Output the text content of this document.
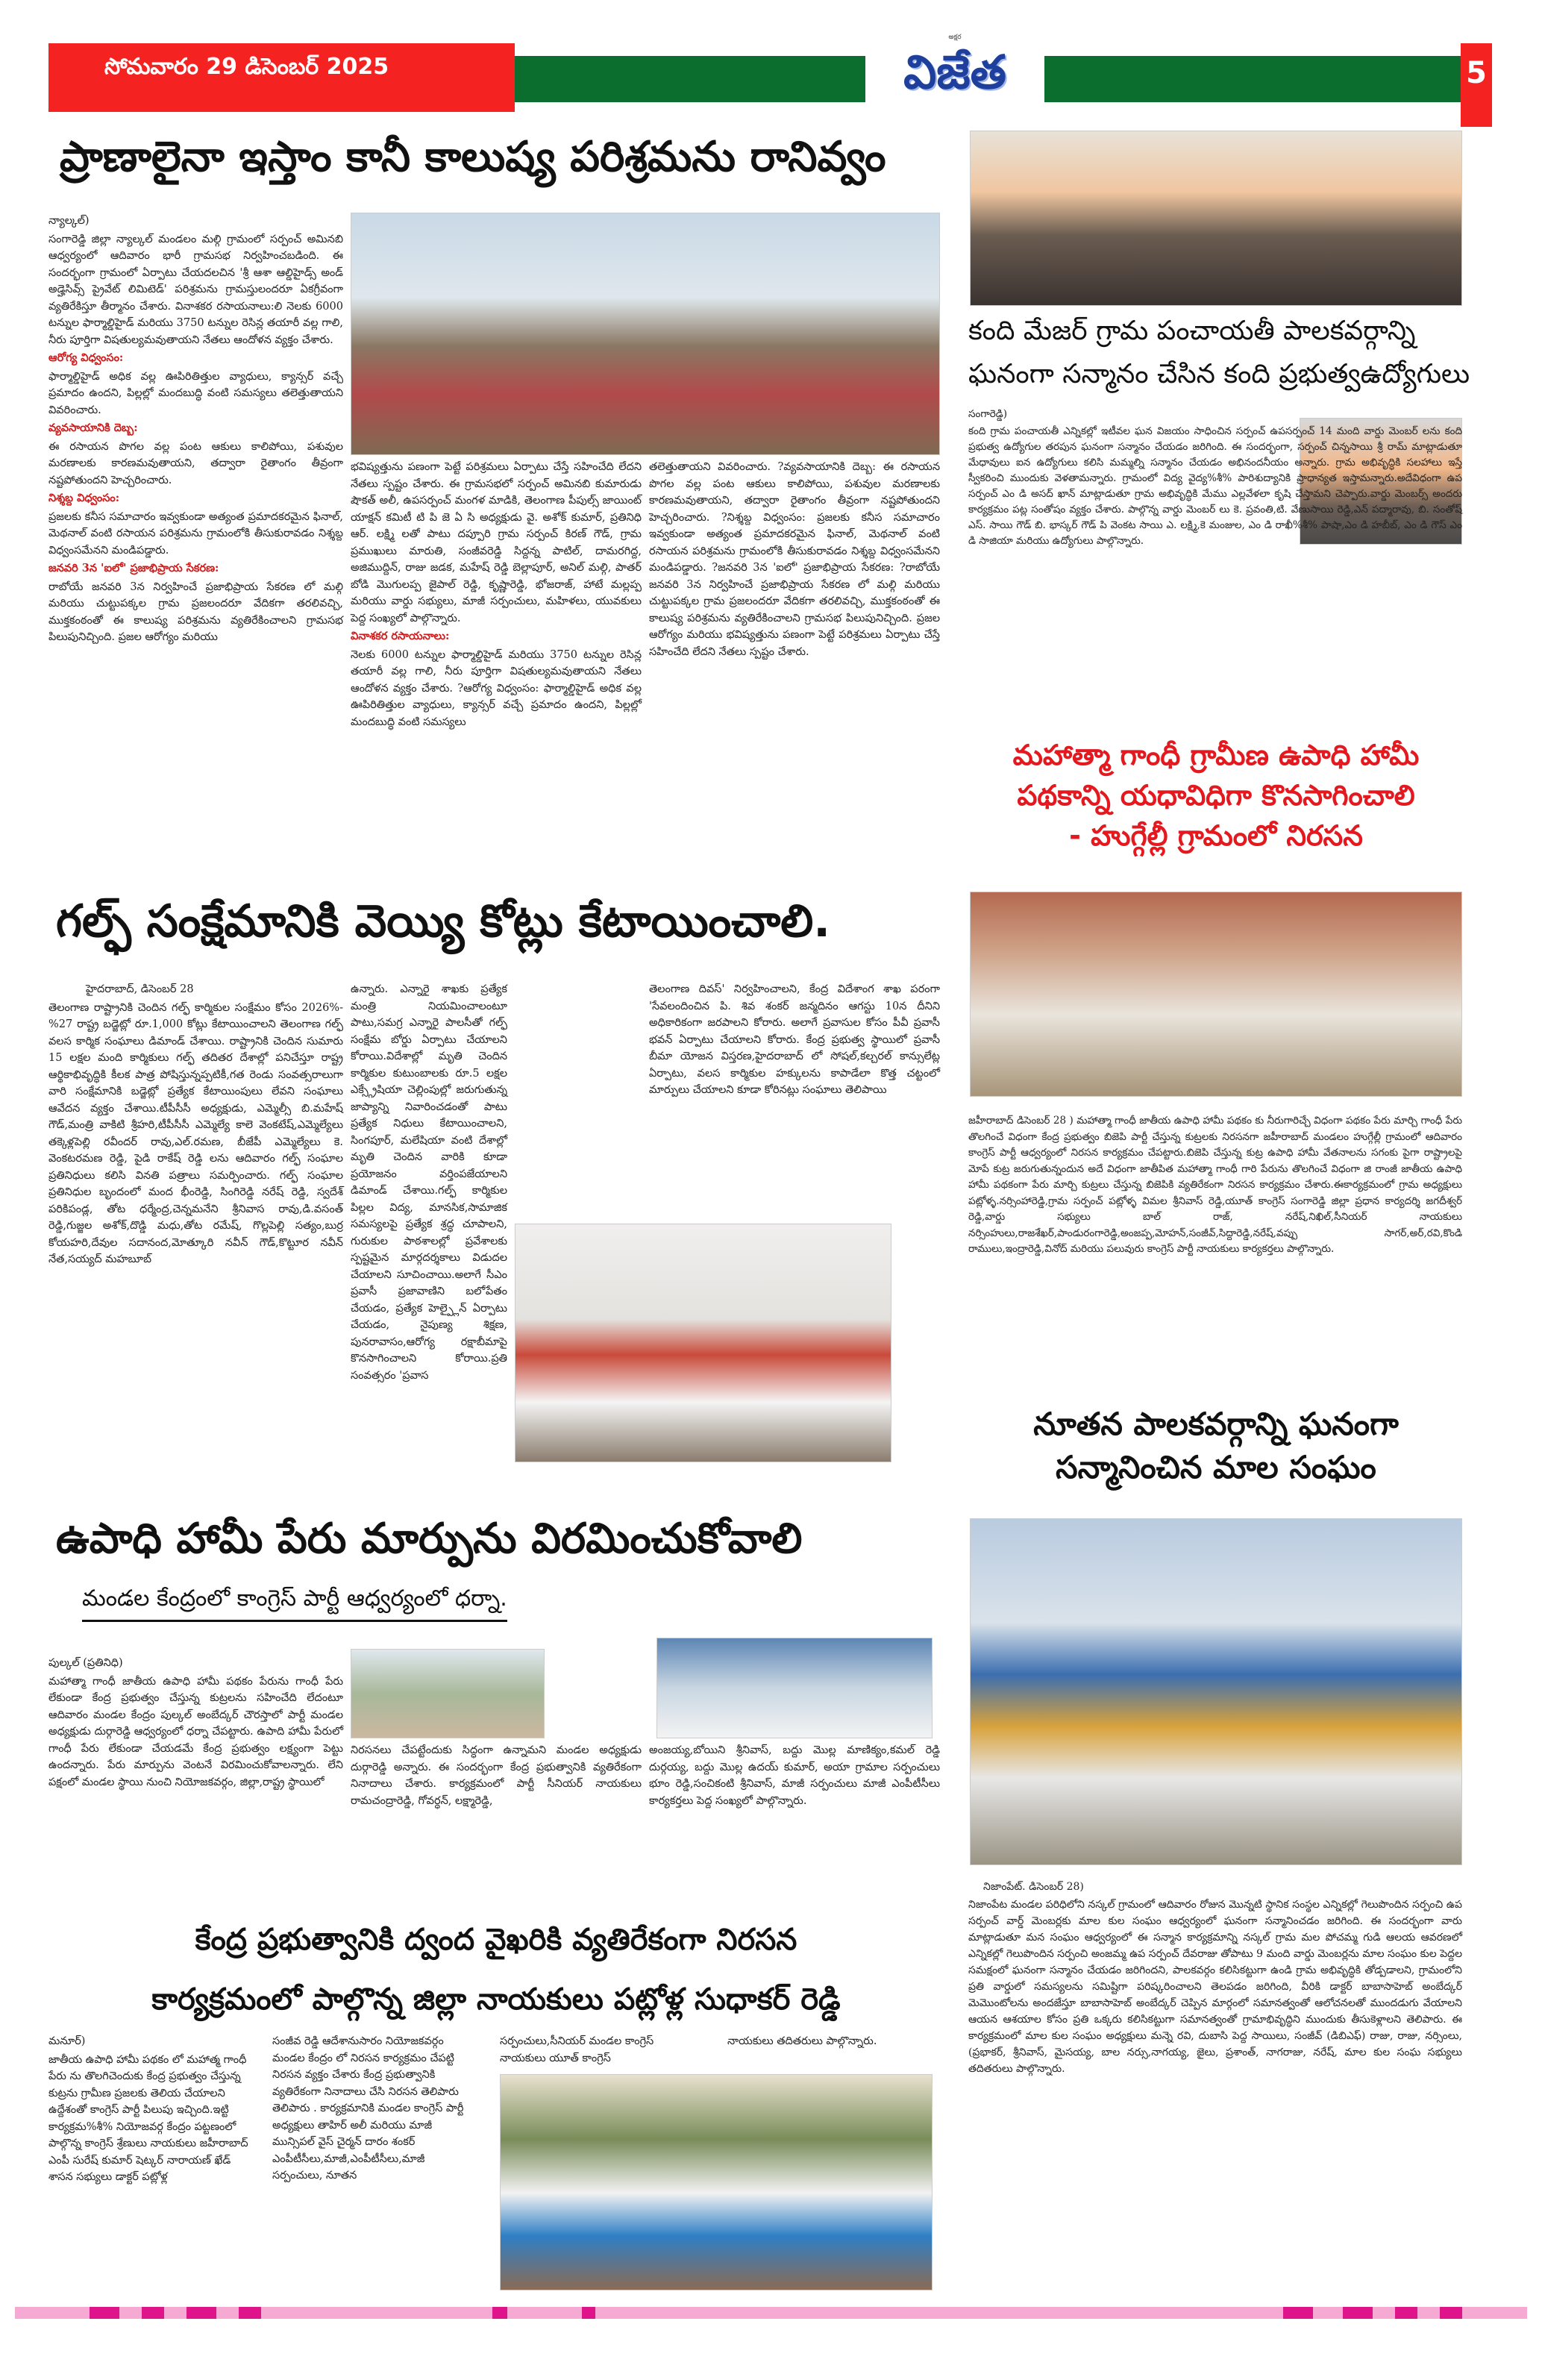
సోమవారం 29 డిసెంబర్ 2025
అక్షర
విజేత	5
ప్రాణాలైనా ఇస్తాం కానీ కాలుష్య పరిశ్రమను రానివ్వం

న్యాల్కల్)

సంగారెడ్డి జిల్లా న్యాల్కల్ మండలం మల్గి గ్రామంలో సర్పంచ్ అమినబి ఆధ్వర్యంలో ఆదివారం భారీ గ్రామసభ నిర్వహించబడింది. ఈ సందర్భంగా గ్రామంలో ఏర్పాటు చేయదలచిన 'శ్రీ ఆశా ఆల్డిహైడ్స్ అండ్ అడ్హెసివ్స్ ప్రైవేట్ లిమిటెడ్' పరిశ్రమను గ్రామస్తులందరూ ఏకగ్రీవంగా వ్యతిరేకిస్తూ తీర్మానం చేశారు. వినాశకర రసాయనాలు:లి నెలకు 6000 టన్నుల ఫార్మాల్డిహైడ్ మరియు 3750 టన్నుల రెసిన్ల తయారీ వల్ల గాలి, నీరు పూర్తిగా విషతుల్యమవుతాయని నేతలు ఆందోళన వ్యక్తం చేశారు.

ఆరోగ్య విధ్వంసం:

ఫార్మాల్డిహైడ్ అధిక వల్ల ఊపిరితిత్తుల వ్యాధులు, క్యాన్సర్ వచ్చే ప్రమాదం ఉందని, పిల్లల్లో మందబుద్ధి వంటి సమస్యలు తలెత్తుతాయని వివరించారు.

వ్యవసాయానికి దెబ్బ:

ఈ రసాయన పొగల వల్ల పంట ఆకులు కాలిపోయి, పశువుల మరణాలకు కారణమవుతాయని, తద్వారా రైతాంగం తీవ్రంగా నష్టపోతుందని హెచ్చరించారు.

నిశ్శబ్ద విధ్వంసం:

ప్రజలకు కనీస సమాచారం ఇవ్వకుండా అత్యంత ప్రమాదకరమైన ఫినాల్, మెథనాల్ వంటి రసాయన పరిశ్రమను గ్రామంలోకి తీసుకురావడం నిశ్శబ్ద విధ్వంసమేనని మండిపడ్డారు.

జనవరి 3న 'ఐలో' ప్రజాభిప్రాయ సేకరణ:

రాబోయే జనవరి 3న నిర్వహించే ప్రజాభిప్రాయ సేకరణ లో మల్గి మరియు చుట్టుపక్కల గ్రామ ప్రజలందరూ వేదికగా తరలివచ్చి, ముక్తకంఠంతో ఈ కాలుష్య పరిశ్రమను వ్యతిరేకించాలని గ్రామసభ పిలుపునిచ్చింది. ప్రజల ఆరోగ్యం మరియు

భవిష్యత్తును పణంగా పెట్టే పరిశ్రమలు ఏర్పాటు చేస్తే సహించేది లేదని నేతలు స్పష్టం చేశారు. ఈ గ్రామసభలో సర్పంచ్ అమినబి కుమారుడు షౌకత్ అలీ, ఉపసర్పంచ్ మంగళ మాడికి, తెలంగాణ పీపుల్స్ జాయింట్ యాక్షన్ కమిటీ టి పి జె ఏ సి అధ్యక్షుడు వై. అశోక్ కుమార్, ప్రతినిధి ఆర్. లక్ష్మి లతో పాటు దప్పూరి గ్రామ సర్పంచ్ కిరణ్ గౌడ్, గ్రామ ప్రముఖులు మారుతి, సంజీవరెడ్డి సిద్దన్న పాటిల్, దామరగిద్ద, అజిముద్దిన్, రాజు జడక, మహేష్ రెడ్డి బెల్లాపూర్, అనిల్ మల్గి, పాతర్ బోడి మొగులప్ప జైపాల్ రెడ్డి, కృష్ణారెడ్డి, భోజరాజ్, హాటే మల్లప్ప మరియు వార్డు సభ్యులు, మాజీ సర్పంచులు, మహిళలు, యువకులు పెద్ద సంఖ్యలో పాల్గొన్నారు.

వినాశకర రసాయనాలు:

నెలకు 6000 టన్నుల ఫార్మాల్డిహైడ్ మరియు 3750 టన్నుల రెసిన్ల తయారీ వల్ల గాలి, నీరు పూర్తిగా విషతుల్యమవుతాయని నేతలు ఆందోళన వ్యక్తం చేశారు. ?ఆరోగ్య విధ్వంసం: ఫార్మాల్డిహైడ్ అధిక వల్ల ఊపిరితిత్తుల వ్యాధులు, క్యాన్సర్ వచ్చే ప్రమాదం ఉందని, పిల్లల్లో మందబుద్ధి వంటి సమస్యలు

తలెత్తుతాయని వివరించారు. ?వ్యవసాయానికి దెబ్బ: ఈ రసాయన పొగల వల్ల పంట ఆకులు కాలిపోయి, పశువుల మరణాలకు కారణమవుతాయని, తద్వారా రైతాంగం తీవ్రంగా నష్టపోతుందని హెచ్చరించారు. ?నిశ్శబ్ద విధ్వంసం: ప్రజలకు కనీస సమాచారం ఇవ్వకుండా అత్యంత ప్రమాదకరమైన ఫినాల్, మెథనాల్ వంటి రసాయన పరిశ్రమను గ్రామంలోకి తీసుకురావడం నిశ్శబ్ద విధ్వంసమేనని మండిపడ్డారు. ?జనవరి 3న 'ఐలో' ప్రజాభిప్రాయ సేకరణ: ?రాబోయే జనవరి 3న నిర్వహించే ప్రజాభిప్రాయ సేకరణ లో మల్గి మరియు చుట్టుపక్కల గ్రామ ప్రజలందరూ వేదికగా తరలివచ్చి, ముక్తకంఠంతో ఈ కాలుష్య పరిశ్రమను వ్యతిరేకించాలని గ్రామసభ పిలుపునిచ్చింది. ప్రజల ఆరోగ్యం మరియు భవిష్యత్తును పణంగా పెట్టే పరిశ్రమలు ఏర్పాటు చేస్తే సహించేది లేదని నేతలు స్పష్టం చేశారు.

కంది మేజర్ గ్రామ పంచాయతీ పాలకవర్గాన్ని
ఘనంగా సన్మానం చేసిన కంది ప్రభుత్వఉద్యోగులు

సంగారెడ్డి)

కంది గ్రామ పంచాయతీ ఎన్నికల్లో ఇటీవల ఘన విజయం సాధించిన సర్పంచ్ ఉపసర్పంచ్ 14 మంది వార్డు మెంబర్ లను కంది ప్రభుత్వ ఉద్యోగుల తరపున ఘనంగా సన్మానం చేయడం జరిగింది. ఈ సందర్భంగా, సర్పంచ్ చిన్నసాయి శ్రీ రామ్ మాట్లాడుతూ మేధావులు ఐన ఉద్యోగులు కలిసి మమ్మల్ని సన్మానం చేయడం అభినందనీయం అన్నారు. గ్రామ అభివృద్ధికి సలహాలు ఇస్తే స్వీకరించి ముందుకు వెళతామన్నారు. గ్రామంలో విద్య వైద్య%శీ% పారిశుద్యానికి ప్రాధాన్యత ఇస్తామన్నారు.అదేవిధంగా ఉప సర్పంచ్ ఎం డి అసద్ ఖాన్ మాట్లాడుతూ గ్రామ అభివృద్ధికి మేము ఎల్లవేళలా కృషి చేస్తామని చెప్పారు.వార్డు మెంబర్స్ అందరు కార్యక్రమం పట్ల సంతోషం వ్యక్తం చేశారు. పాల్గొన్న వార్డు మెంబర్ లు కె. ప్రవంతి,టి. వేణుసాయి రెడ్డి,ఎన్ పద్మారావు, బి. సంతోష్ ఎస్. సాయి గౌడ్ బి. భాస్కర్ గౌడ్ పి వెంకట సాయి ఎ. లక్ష్మి,కె మంజుల, ఎం డి రాఖీ%శీ% పాషా,ఎం డి హబీబ్, ఎం డి గౌస్ ఎం డి సాజియా మరియు ఉద్యోగులు పాల్గొన్నారు.

మహాత్మా గాంధీ గ్రామీణ ఉపాధి హామీ
పథకాన్ని యధావిధిగా కొనసాగించాలి
- హుగ్గేల్లీ గ్రామంలో నిరసన
గల్ఫ్ సంక్షేమానికి వెయ్యి కోట్లు కేటాయించాలి.

హైదరాబాద్, డిసెంబర్ 28

తెలంగాణ రాష్ట్రానికి చెందిన గల్ఫ్ కార్మికుల సంక్షేమం కోసం 2026%-%27 రాష్ట్ర బడ్జెట్లో రూ.1,000 కోట్లు కేటాయించాలని తెలంగాణ గల్ఫ్ వలస కార్మిక సంఘాలు డిమాండ్ చేశాయి. రాష్ట్రానికి చెందిన సుమారు 15 లక్షల మంది కార్మికులు గల్ఫ్ తదితర దేశాల్లో పనిచేస్తూ రాష్ట్ర ఆర్థికాభివృద్ధికి కీలక పాత్ర పోషిస్తున్నప్పటికీ,గత రెండు సంవత్సరాలుగా వారి సంక్షేమానికి బడ్జెట్లో ప్రత్యేక కేటాయింపులు లేవని సంఘాలు ఆవేదన వ్యక్తం చేశాయి.టీపీసీసీ అధ్యక్షుడు, ఎమ్మెల్సీ బి.మహేష్ గౌడ్,మంత్రి వాకిటి శ్రీహరి,టీపీసీసీ ఎమ్మెల్యే కాలె వెంకటేష్,ఎమ్మెల్యేలు తక్కెళ్లపెల్లి రవీందర్ రావు,ఎల్.రమణ, బీజేపీ ఎమ్మెల్యేలు కె. వెంకటరమణ రెడ్డి, పైడి రాకేష్ రెడ్డి లను ఆదివారం గల్ఫ్ సంఘాల ప్రతినిధులు కలిసి వినతి పత్రాలు సమర్పించారు. గల్ఫ్ సంఘాల ప్రతినిధుల బృందంలో మంద భీంరెడ్డి, సింగిరెడ్డి నరేష్ రెడ్డి, స్వదేశ్ పరికిపండ్ల, తోట ధర్మేంద్ర,చెన్నమనేని శ్రీనివాస రావు,డి.వసంత్ రెడ్డి,గుజ్జల అశోక్,దొడ్డి మధు,తోట రమేష్, గొల్లపెల్లి సత్యం,బుర్ర కోయహరి,దేవుల సదానంద,మోత్కూరి నవీన్ గౌడ్,కొట్టూర నవీన్ నేత,సయ్యద్ మహబూబ్

ఉన్నారు. ఎన్నారై శాఖకు ప్రత్యేక మంత్రి నియమించాలంటూ పాటు,సమగ్ర ఎన్నారై పాలసీతో గల్ఫ్ సంక్షేమ బోర్డు ఏర్పాటు చేయాలని కోరాయి.విదేశాల్లో మృతి చెందిన కార్మికుల కుటుంబాలకు రూ.5 లక్షల ఎక్స్గ్రేషియా చెల్లింపుల్లో జరుగుతున్న జాప్యాన్ని నివారించడంతో పాటు ప్రత్యేక నిధులు కేటాయించాలని, సింగపూర్, మలేషియా వంటి దేశాల్లో మృతి చెందిన వారికి కూడా ప్రయోజనం వర్తింపజేయాలని డిమాండ్ చేశాయి.గల్ఫ్ కార్మికుల పిల్లల విద్య, మానసిక,సామాజిక సమస్యలపై ప్రత్యేక శ్రద్ధ చూపాలని, గురుకుల పాఠశాలల్లో ప్రవేశాలకు స్పష్టమైన మార్గదర్శకాలు విడుదల చేయాలని సూచించాయి.అలాగే సీఎం ప్రవాసీ ప్రజావాణిని బలోపేతం చేయడం, ప్రత్యేక హెల్ప్లైన్ ఏర్పాటు చేయడం, నైపుణ్య శిక్షణ, పునరావాసం,ఆరోగ్య రక్షాబీమాపై కొనసాగించాలని కోరాయి.ప్రతి సంవత్సరం 'ప్రవాస

తెలంగాణ దివస్' నిర్వహించాలని, కేంద్ర విదేశాంగ శాఖ పరంగా 'సేవలందించిన పి. శివ శంకర్ జన్మదినం ఆగస్టు 10న దీనిని అధికారికంగా జరపాలని కోరారు. అలాగే ప్రవాసుల కోసం పీవీ ప్రవాసీ భవన్ ఏర్పాటు చేయాలని కోరారు. కేంద్ర ప్రభుత్వ స్థాయిలో ప్రవాసీ బీమా యోజన విస్తరణ,హైదరాబాద్ లో సోషల్,కల్చరల్ కాన్సులేట్ల ఏర్పాటు, వలస కార్మికుల హక్కులను కాపాడేలా కొత్త చట్టంలో మార్పులు చేయాలని కూడా కోరినట్లు సంఘాలు తెలిపాయి

జహీరాబాద్ డిసెంబర్ 28 ) మహాత్మా గాంధీ జాతీయ ఉపాధి హామీ పథకం కు నీరుగారిచ్చే విధంగా పథకం పేరు మార్చి గాంధీ పేరు తొలగించే విధంగా కేంద్ర ప్రభుత్వం బిజెపి పార్టీ చేస్తున్న కుట్రలకు నిరసనగా జహీరాబాద్ మండలం హుగ్గేల్లీ గ్రామంలో ఆదివారం కాంగ్రెస్ పార్టీ ఆధ్వర్యంలో నిరసన కార్యక్రమం చేపట్టారు.బిజెపి చేస్తున్న కుట్ర ఉపాధి హామీ వేతనాలను సగంకు పైగా రాష్ట్రాలపై మోపే కుట్ర జరుగుతున్నందున అదే విధంగా జాతీపిత మహాత్మా గాంధీ గారి పేరును తొలగించే విధంగా జి రాంజీ జాతీయ ఉపాధి హామీ పథకంగా పేరు మార్చి కుట్రలు చేస్తున్న బిజెపికి వ్యతిరేకంగా నిరసన కార్యక్రమం చేశారు.ఈకార్యక్రమంలో గ్రామ అధ్యక్షులు పట్లోళ్ళ.నర్సింహారెడ్డి,గ్రామ సర్పంచ్ పట్లోళ్ళ విమల శ్రీనివాస్ రెడ్డి,యూత్ కాంగ్రెస్ సంగారెడ్డి జిల్లా ప్రధాన కార్యదర్శి జగదీశ్వర్ రెడ్డి,వార్డు సభ్యులు బాల్ రాజ్, నరేష్,నిఖిల్,సీనియర్ నాయకులు నర్సింహులు,రాజశేఖర్,పాండురంగారెడ్డి,అంజప్ప,మోహన్,సంజీవ్,సిద్దారెడ్డి,నరేష్,వప్పు సాగర్,అర్,రవి,కొండి రాములు,ఇంద్రారెడ్డి,వినోద్ మరియు పలువురు కాంగ్రెస్ పార్టీ నాయకులు కార్యకర్తలు పాల్గొన్నారు.

నూతన పాలకవర్గాన్ని ఘనంగా
సన్మానించిన మాల సంఘం
ఉపాధి హామీ పేరు మార్పును విరమించుకోవాలి
మండల కేంద్రంలో కాంగ్రెస్ పార్టీ ఆధ్వర్యంలో ధర్నా.

పుల్కల్ (ప్రతినిధి)

మహాత్మా గాంధీ జాతీయ ఉపాధి హామీ పథకం పేరును గాంధీ పేరు లేకుండా కేంద్ర ప్రభుత్వం చేస్తున్న కుట్రలను సహించేది లేదంటూ ఆదివారం మండల కేంద్రం పుల్కల్ అంబేద్కర్ చౌరస్తాలో పార్టీ మండల అధ్యక్షుడు దుర్గారెడ్డి ఆధ్వర్యంలో ధర్నా చేపట్టారు. ఉపాది హామీ పేరులో గాంధీ పేరు లేకుండా చేయడమే కేంద్ర ప్రభుత్వం లక్ష్యంగా పెట్టు ఉందన్నారు. పేరు మార్పును వెంటనే విరమించుకోవాలన్నారు. లేని పక్షంలో మండల స్థాయి నుంచి నియోజకవర్గం, జిల్లా,రాష్ట్ర స్థాయిలో

నిరసనలు చేపట్టేందుకు సిద్ధంగా ఉన్నామని మండల అధ్యక్షుడు దుర్గారెడ్డి అన్నారు. ఈ సందర్భంగా కేంద్ర ప్రభుత్వానికి వ్యతిరేకంగా నినాదాలు చేశారు. కార్యక్రమంలో పార్టీ సీనియర్ నాయకులు రామచంద్రారెడ్డి, గోవర్ధన్, లక్ష్మారెడ్డి,

అంజయ్య,బోయిని శ్రీనివాస్, బద్దు మొల్ల మాణిక్యం,కమల్ రెడ్డి దుర్గయ్య, బద్దు మొల్ల ఉదయ్ కుమార్, అయా గ్రామాల సర్పంచులు భూం రెడ్డి,సంచికంటి శ్రీనివాస్, మాజీ సర్పంచులు మాజీ ఎంపీటీసీలు కార్యకర్తలు పెద్ద సంఖ్యలో పాల్గొన్నారు.

కేంద్ర ప్రభుత్వానికి ద్వంద వైఖరికి వ్యతిరేకంగా నిరసన
కార్యక్రమంలో పాల్గొన్న జిల్లా నాయకులు పట్లోళ్ల సుధాకర్ రెడ్డి

మనూర్)

జాతీయ ఉపాధి హామీ పథకం లో మహాత్మ గాంధీ పేరు ను తొలగిచెందుకు కేంద్ర ప్రభుత్వం చేస్తున్న కుట్రను గ్రామీణ ప్రజలకు తెలియ చేయాలని ఉద్దేశంతో కాంగ్రెస్ పార్టీ పిలుపు ఇచ్చింది.ఇట్టి కార్యక్రమ%శీ% నియోజవర్గ కేంద్రం పట్టణంలో పాల్గొన్న కాంగ్రెస్ శ్రేణులు నాయకులు జహీరాబాద్ ఎంపీ సురేష్ కుమార్ షెట్కర్ నారాయణ్ ఖేడ్ శాసన సభ్యులు డాక్టర్ పట్లోళ్ల

సంజీవ రెడ్డి ఆదేశానుసారం నియోజకవర్గం మండల కేంద్రం లో నిరసన కార్యక్రమం చేపట్టి నిరసన వ్యక్తం చేశారు కేంద్ర ప్రభుత్వానికి వ్యతిరేకంగా నినాదాలు చేసి నిరసన తెలిపారు తెలిపారు . కార్యక్రమానికి మండల కాంగ్రెస్ పార్టీ అధ్యక్షులు తాహిర్ అలీ మరియు మాజీ మున్సిపల్ వైస్ చైర్మన్ దారం శంకర్ ఎంపీటీసీలు,మాజీ,ఎంపీటీసీలు,మాజీ సర్పంచులు, నూతన

సర్పంచులు,సీనియర్ మండల కాంగ్రెస్ నాయకులు యూత్ కాంగ్రెస్

నాయకులు తదితరులు పాల్గొన్నారు.

నిజాంపేట్. డిసెంబర్ 28)

నిజాంపేట మండల పరిధిలోని నస్కల్ గ్రామంలో ఆదివారం రోజున మొన్నటి స్థానిక సంస్థల ఎన్నికల్లో గెలుపొందిన సర్పంచి ఉప సర్పంచ్ వార్డ్ మెంబర్లకు మాల కుల సంఘం ఆధ్వర్యంలో ఘనంగా సన్మానించడం జరిగింది. ఈ సందర్భంగా వారు మాట్లాడుతూ మన సంఘం ఆధ్వర్యంలో ఈ సన్మాన కార్యక్రమాన్ని నస్కల్ గ్రామ మల పోచమ్మ గుడి ఆలయ ఆవరణలో ఎన్నికల్లో గెలుపొందిన సర్పంచి అంజమ్మ ఉప సర్పంచ్ దేవరాజు తోపాటు 9 మంది వార్డు మెంబర్లను మాల సంఘం కుల పెద్దల సమక్షంలో ఘనంగా సన్మానం చేయడం జరిగిందని, పాలకవర్గం కలిసికట్టుగా ఉండి గ్రామ అభివృద్ధికి తోడ్పడాలని, గ్రామంలోని ప్రతి వార్డులో సమస్యలను సమిష్టిగా పరిష్కరించాలని తెలపడం జరిగింది, వీరికి డాక్టర్ బాబాసాహెబ్ అంబేద్కర్ మెమొంటోలను అందజేస్తూ బాబాసాహెబ్ అంబేద్కర్ చెప్పిన మార్గంలో సమానత్వంతో ఆలోచనలతో ముందడుగు వేయాలని ఆయన ఆశయాల కోసం ప్రతి ఒక్కరు కలిసికట్టుగా సమానత్వంతో గ్రామాభివృద్ధిని ముందుకు తీసుకెళ్లాలని తెలిపారు. ఈ కార్యక్రమంలో మాల కుల సంఘం అధ్యక్షులు మన్నె రవి, దుబాసి పెద్ద సాయిలు, సంజీవ్ (డిబిఎఫ్) రాజు, రాజు, నర్సింలు, (ప్రభాకర్, శ్రీనివాస్, మైసయ్య, బాల నర్సు,నాగయ్య, జైలు, ప్రశాంత్, నాగరాజు, నరేష్, మాల కుల సంఘ సభ్యులు తదితరులు పాల్గొన్నారు.
